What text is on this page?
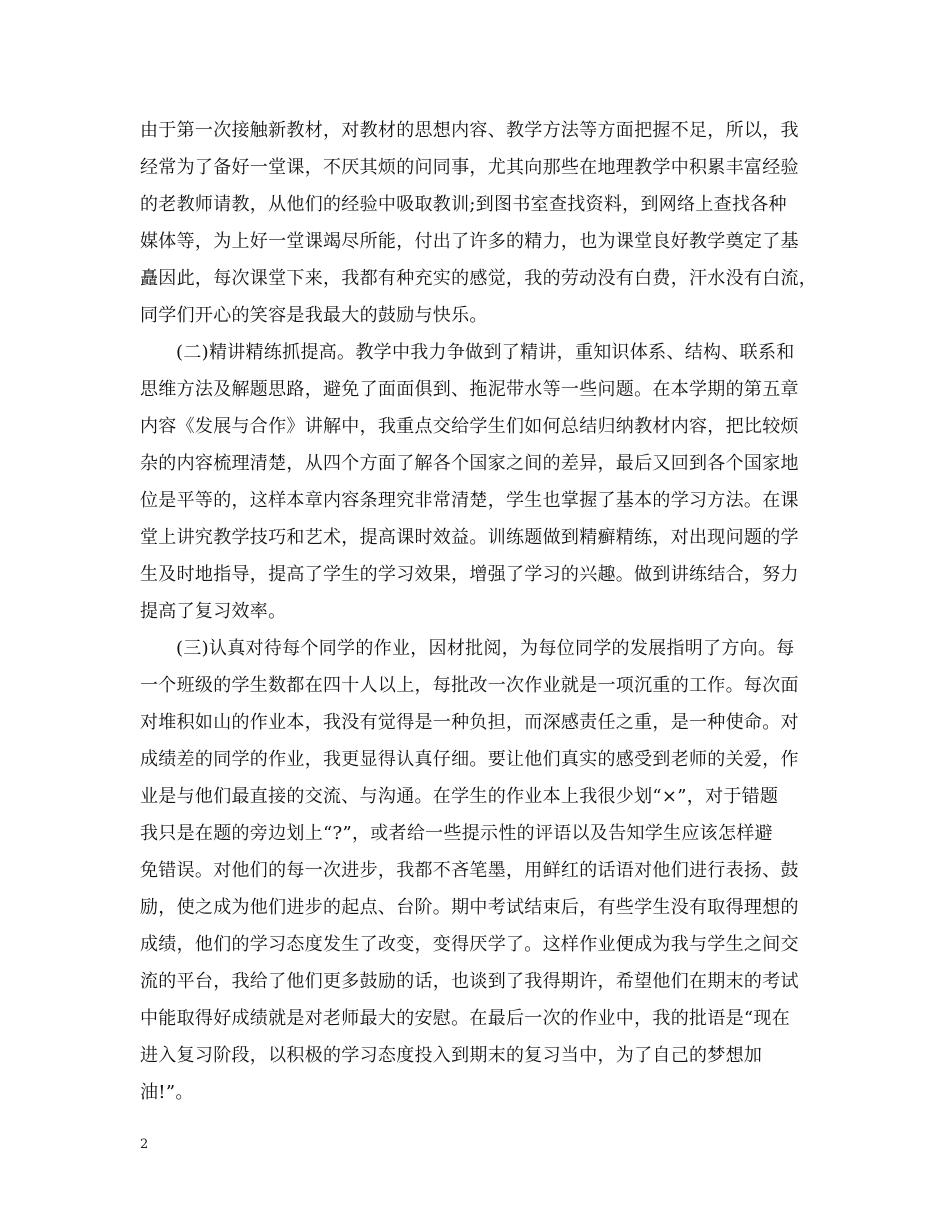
由于第一次接触新教材，对教材的思想内容、教学方法等方面把握不足，所以，我
经常为了备好一堂课，不厌其烦的问同事，尤其向那些在地理教学中积累丰富经验
的老教师请教，从他们的经验中吸取教训;到图书室查找资料，到网络上查找各种
媒体等，为上好一堂课竭尽所能，付出了许多的精力，也为课堂良好教学奠定了基
矗因此，每次课堂下来，我都有种充实的感觉，我的劳动没有白费，汗水没有白流，
同学们开心的笑容是我最大的鼓励与快乐。
(二)精讲精练抓提高。教学中我力争做到了精讲，重知识体系、结构、联系和
思维方法及解题思路，避免了面面俱到、拖泥带水等一些问题。在本学期的第五章
内容《发展与合作》讲解中，我重点交给学生们如何总结归纳教材内容，把比较烦
杂的内容梳理清楚，从四个方面了解各个国家之间的差异，最后又回到各个国家地
位是平等的，这样本章内容条理究非常清楚，学生也掌握了基本的学习方法。在课
堂上讲究教学技巧和艺术，提高课时效益。训练题做到精癣精练，对出现问题的学
生及时地指导，提高了学生的学习效果，增强了学习的兴趣。做到讲练结合，努力
提高了复习效率。
(三)认真对待每个同学的作业，因材批阅，为每位同学的发展指明了方向。每
一个班级的学生数都在四十人以上，每批改一次作业就是一项沉重的工作。每次面
对堆积如山的作业本，我没有觉得是一种负担，而深感责任之重，是一种使命。对
成绩差的同学的作业，我更显得认真仔细。要让他们真实的感受到老师的关爱，作
业是与他们最直接的交流、与沟通。在学生的作业本上我很少划“×”，对于错题
我只是在题的旁边划上“?”，或者给一些提示性的评语以及告知学生应该怎样避
免错误。对他们的每一次进步，我都不吝笔墨，用鲜红的话语对他们进行表扬、鼓
励，使之成为他们进步的起点、台阶。期中考试结束后，有些学生没有取得理想的
成绩，他们的学习态度发生了改变，变得厌学了。这样作业便成为我与学生之间交
流的平台，我给了他们更多鼓励的话，也谈到了我得期许，希望他们在期末的考试
中能取得好成绩就是对老师最大的安慰。在最后一次的作业中，我的批语是“现在
进入复习阶段，以积极的学习态度投入到期末的复习当中，为了自己的梦想加
油!”。
2
